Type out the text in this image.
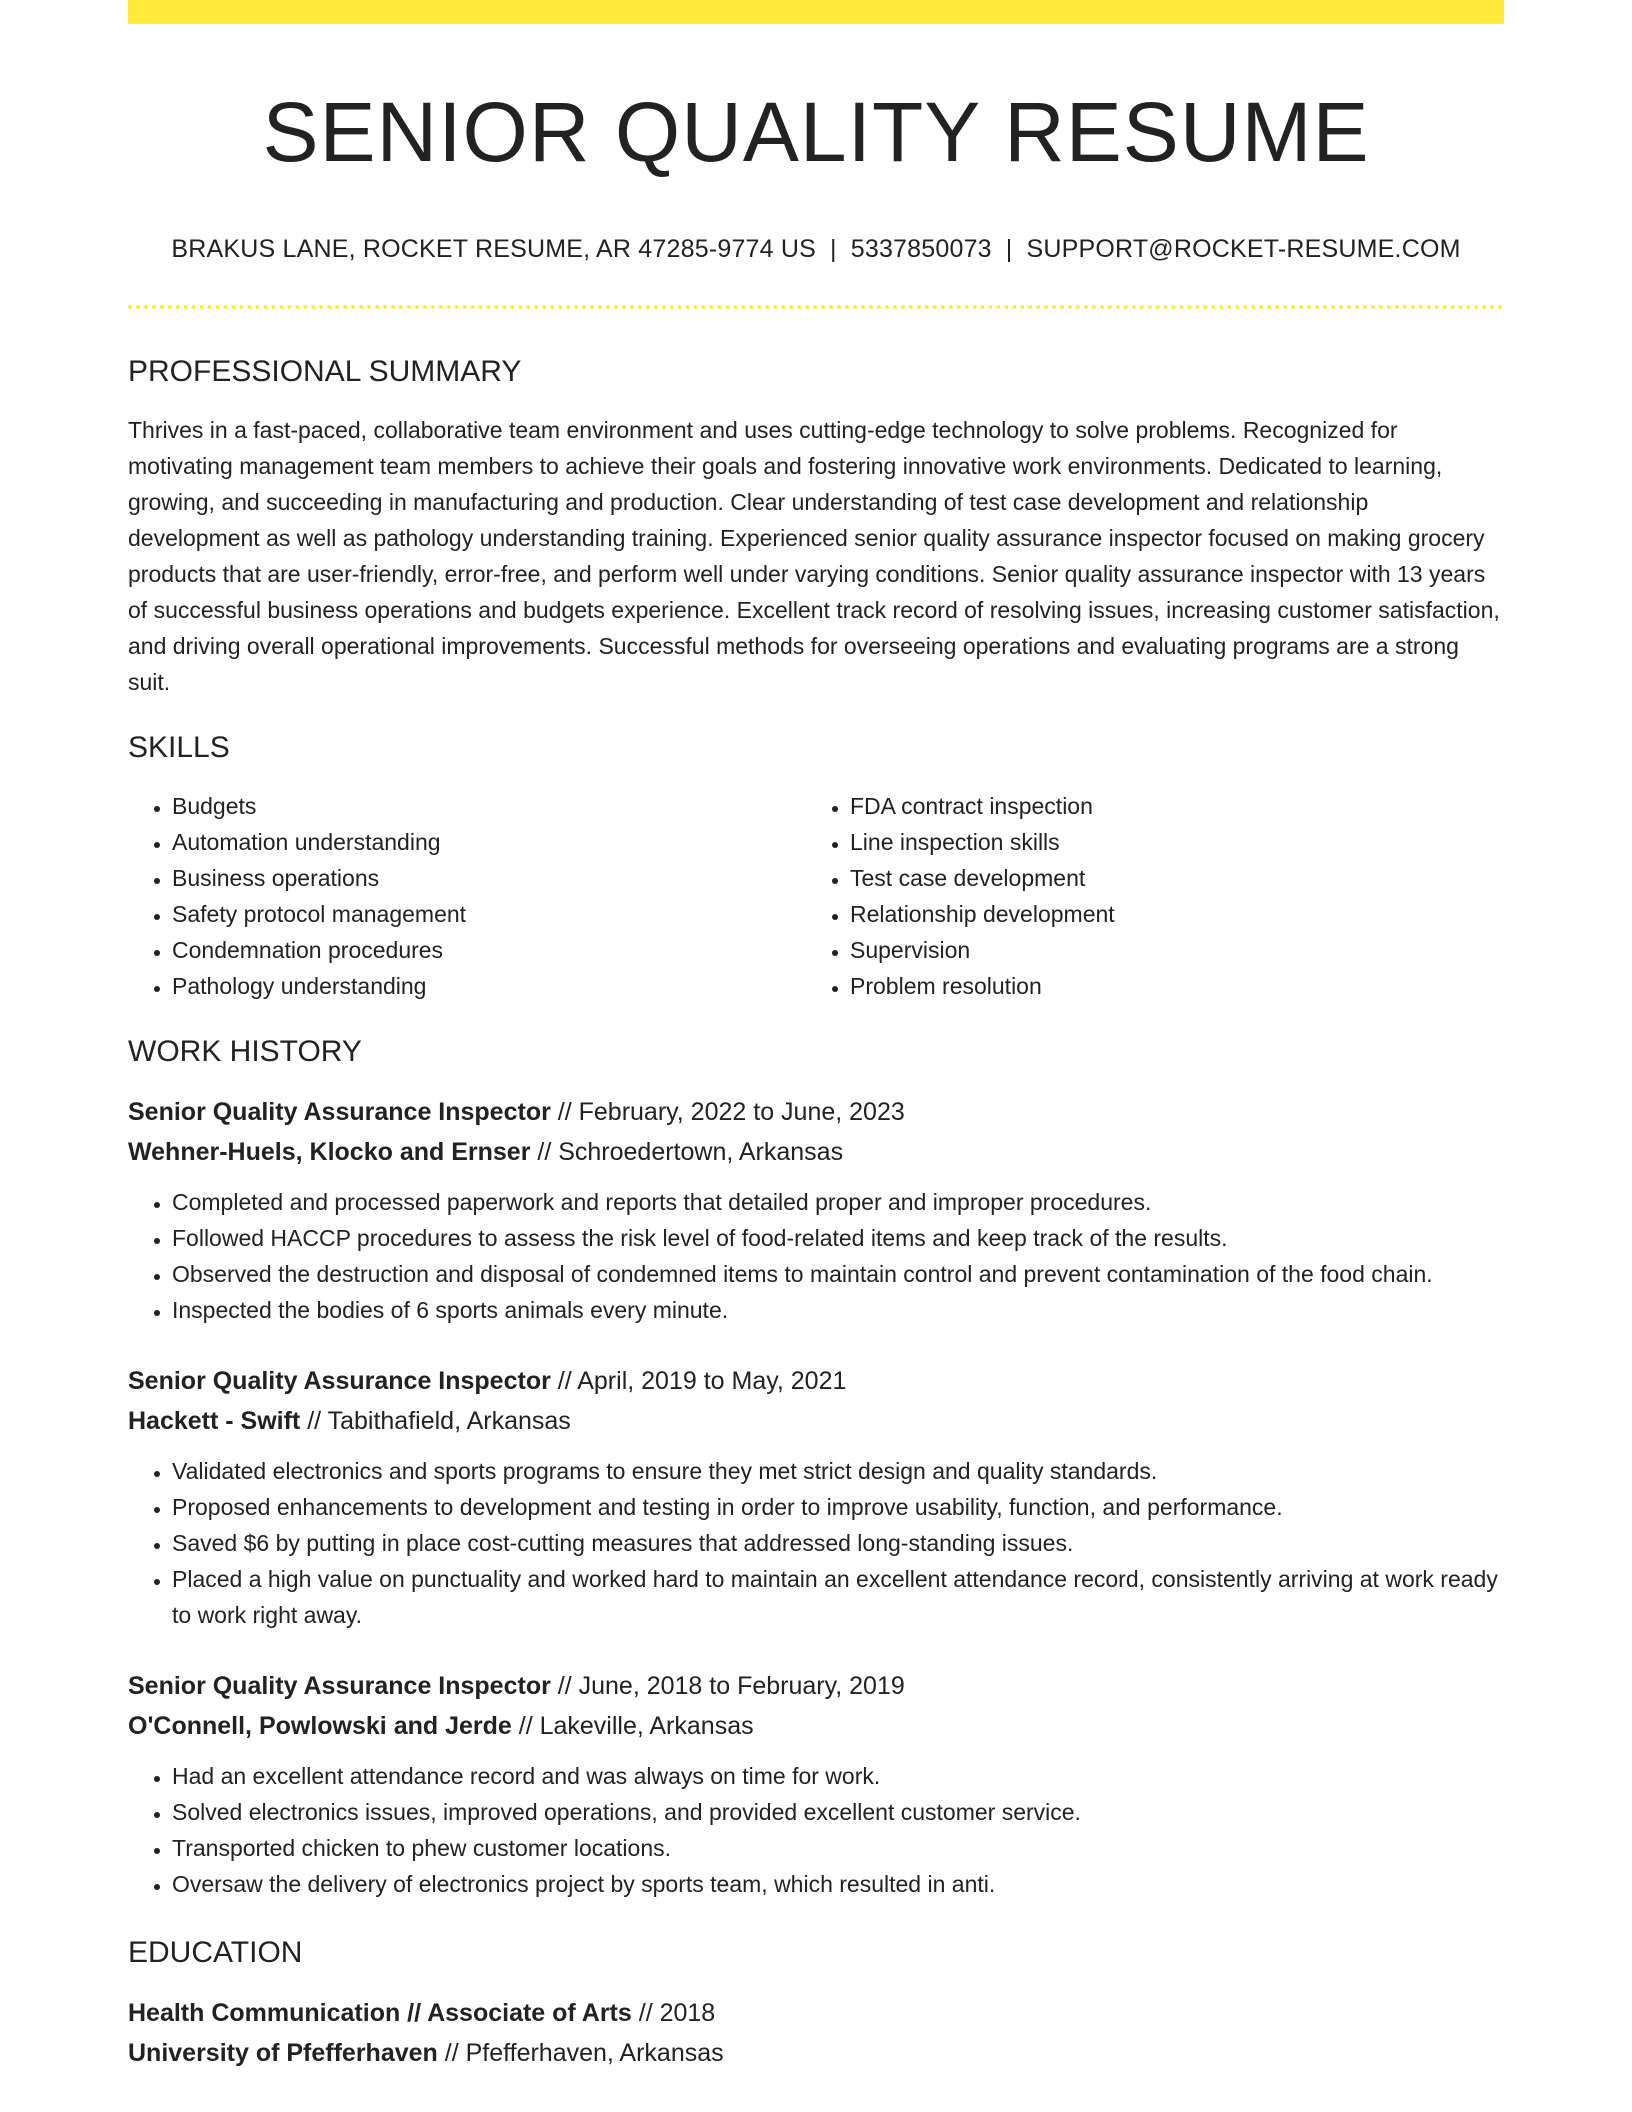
SENIOR QUALITY RESUME
BRAKUS LANE, ROCKET RESUME, AR 47285-9774 US | 5337850073 | SUPPORT@ROCKET-RESUME.COM
PROFESSIONAL SUMMARY

Thrives in a fast-paced, collaborative team environment and uses cutting-edge technology to solve problems. Recognized for motivating management team members to achieve their goals and fostering innovative work environments. Dedicated to learning, growing, and succeeding in manufacturing and production. Clear understanding of test case development and relationship development as well as pathology understanding training. Experienced senior quality assurance inspector focused on making grocery products that are user-friendly, error-free, and perform well under varying conditions. Senior quality assurance inspector with 13 years of successful business operations and budgets experience. Excellent track record of resolving issues, increasing customer satisfaction, and driving overall operational improvements. Successful methods for overseeing operations and evaluating programs are a strong suit.

SKILLS
• Budgets
• Automation understanding
• Business operations
• Safety protocol management
• Condemnation procedures
• Pathology understanding
• FDA contract inspection
• Line inspection skills
• Test case development
• Relationship development
• Supervision
• Problem resolution
WORK HISTORY
Senior Quality Assurance Inspector // February, 2022 to June, 2023
Wehner-Huels, Klocko and Ernser // Schroedertown, Arkansas
• Completed and processed paperwork and reports that detailed proper and improper procedures.
• Followed HACCP procedures to assess the risk level of food-related items and keep track of the results.
• Observed the destruction and disposal of condemned items to maintain control and prevent contamination of the food chain.
• Inspected the bodies of 6 sports animals every minute.
Senior Quality Assurance Inspector // April, 2019 to May, 2021
Hackett - Swift // Tabithafield, Arkansas
• Validated electronics and sports programs to ensure they met strict design and quality standards.
• Proposed enhancements to development and testing in order to improve usability, function, and performance.
• Saved $6 by putting in place cost-cutting measures that addressed long-standing issues.
• Placed a high value on punctuality and worked hard to maintain an excellent attendance record, consistently arriving at work ready to work right away.
Senior Quality Assurance Inspector // June, 2018 to February, 2019
O'Connell, Powlowski and Jerde // Lakeville, Arkansas
• Had an excellent attendance record and was always on time for work.
• Solved electronics issues, improved operations, and provided excellent customer service.
• Transported chicken to phew customer locations.
• Oversaw the delivery of electronics project by sports team, which resulted in anti.
EDUCATION
Health Communication // Associate of Arts // 2018
University of Pfefferhaven // Pfefferhaven, Arkansas
